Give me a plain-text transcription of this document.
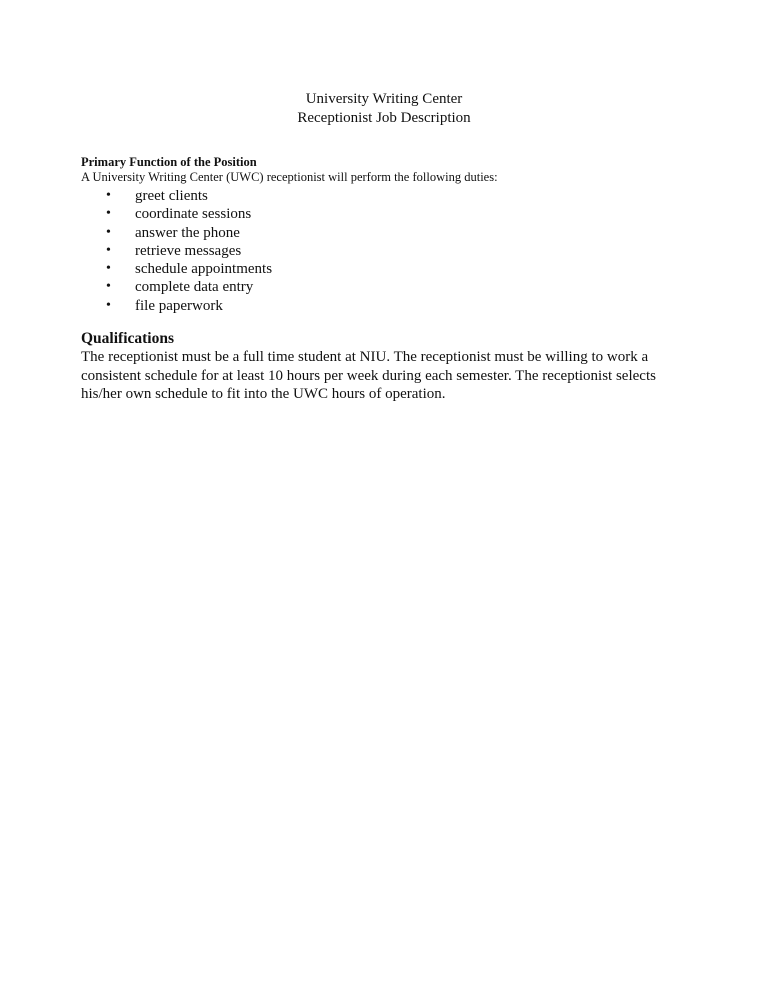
University Writing Center
Receptionist Job Description
Primary Function of the Position
A University Writing Center (UWC) receptionist will perform the following duties:
• greet clients
• coordinate sessions
• answer the phone
• retrieve messages
• schedule appointments
• complete data entry
• file paperwork
Qualifications

The receptionist must be a full time student at NIU. The receptionist must be willing to work a
consistent schedule for at least 10 hours per week during each semester. The receptionist selects
his/her own schedule to fit into the UWC hours of operation.
